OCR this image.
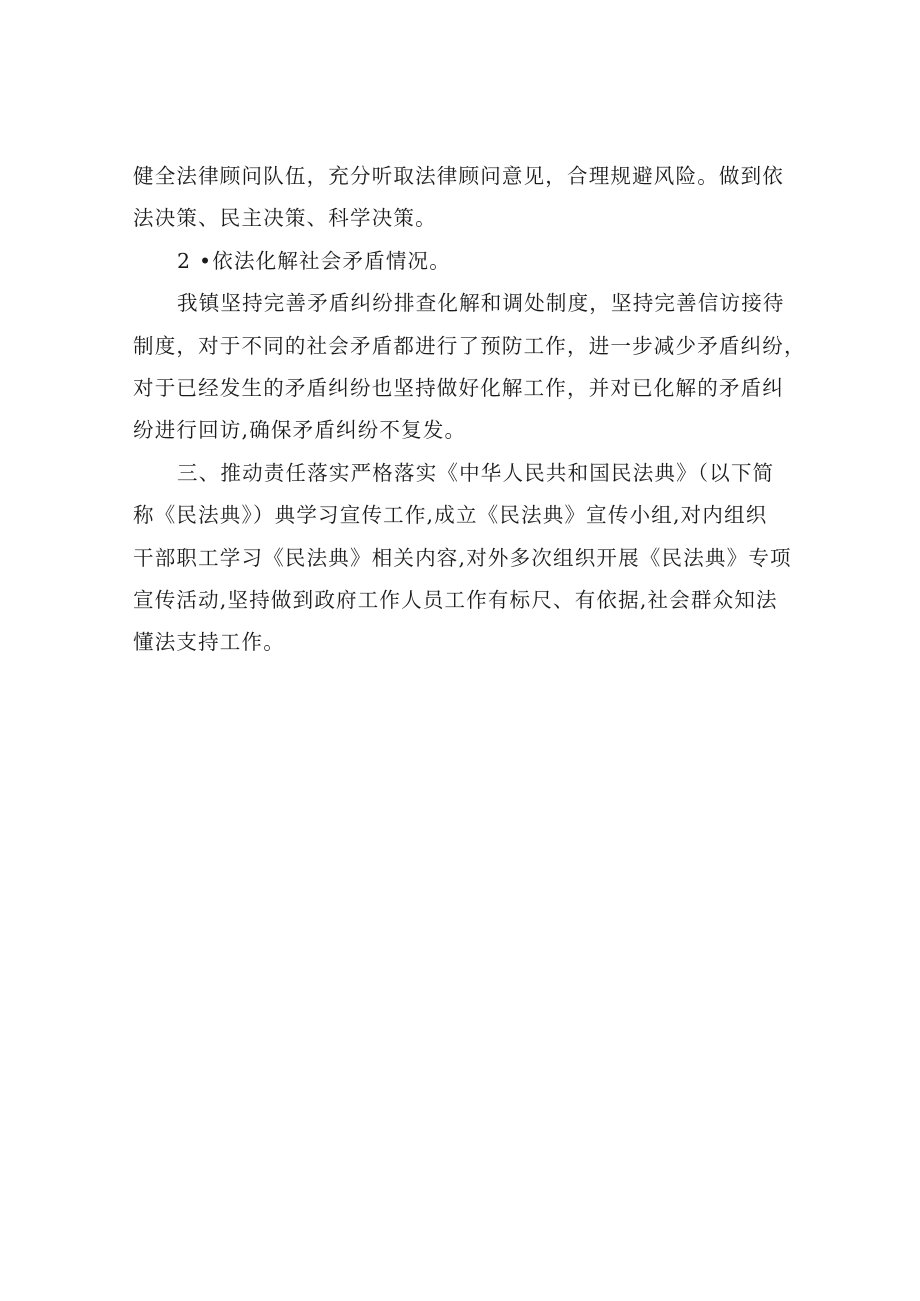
健全法律顾问队伍，充分听取法律顾问意见，合理规避风险。做到依
法决策、民主决策、科学决策。
2 •依法化解社会矛盾情况。
我镇坚持完善矛盾纠纷排查化解和调处制度，坚持完善信访接待
制度，对于不同的社会矛盾都进行了预防工作，进一步减少矛盾纠纷，
对于已经发生的矛盾纠纷也坚持做好化解工作，并对已化解的矛盾纠
纷进行回访,确保矛盾纠纷不复发。
三、推动责任落实严格落实《中华人民共和国民法典》（以下简
称《民法典》）典学习宣传工作,成立《民法典》宣传小组,对内组织
干部职工学习《民法典》相关内容,对外多次组织开展《民法典》专项
宣传活动,坚持做到政府工作人员工作有标尺、有依据,社会群众知法
懂法支持工作。
